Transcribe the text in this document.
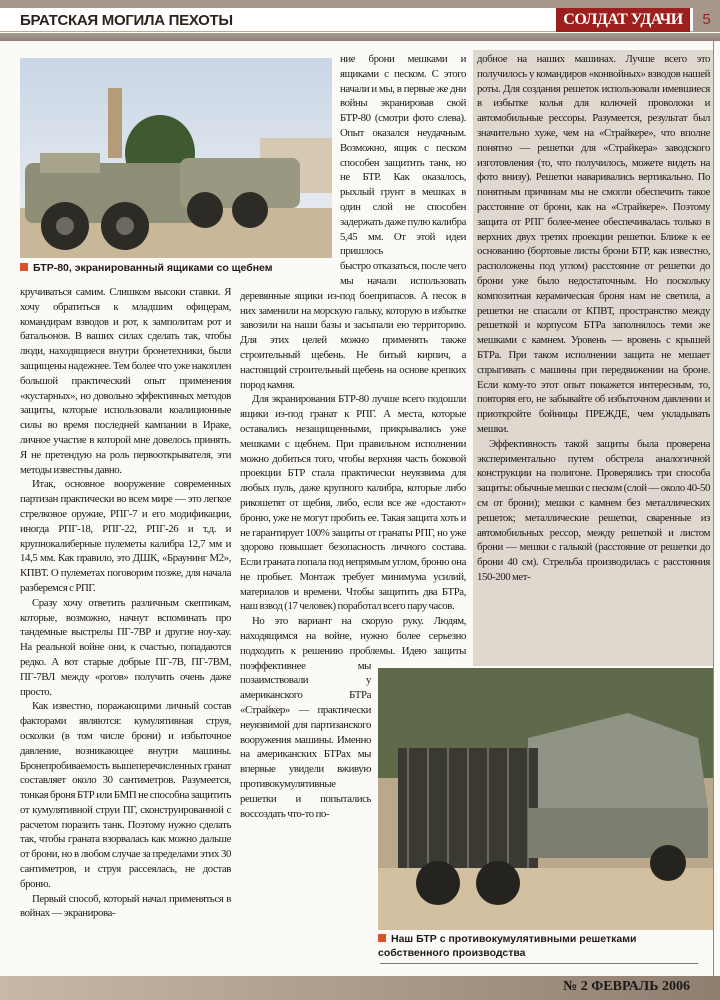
БРАТСКАЯ МОГИЛА ПЕХОТЫ	СОЛДАТ УДАЧИ	5
БТР-80, экранированный ящиками со щебнем

кручиваться самим. Слишком высоки ставки. Я хочу обратиться к младшим офицерам, командирам взводов и рот, к замполитам рот и батальонов. В ваших силах сделать так, чтобы люди, находящиеся внутри бронетехники, были защищены надежнее. Тем более что уже накоплен большой практический опыт применения «кустарных», но довольно эффективных методов защиты, которые использовали коалиционные силы во время последней кампании в Ираке, личное участие в которой мне довелось принять. Я не претендую на роль первооткрывателя, эти методы известны давно.

Итак, основное вооружение современных партизан практически во всем мире — это легкое стрелковое оружие, РПГ-7 и его модификации, иногда РПГ-18, РПГ-22, РПГ-26 и т.д. и крупнокалиберные пулеметы калибра 12,7 мм и 14,5 мм. Как правило, это ДШК, «Браунинг М2», КПВТ. О пулеметах поговорим позже, для начала разберемся с РПГ.

Сразу хочу ответить различным скептикам, которые, возможно, начнут вспоминать про тандемные выстрелы ПГ-7ВР и другие ноу-хау. На реальной войне они, к счастью, попадаются редко. А вот старые добрые ПГ-7В, ПГ-7ВМ, ПГ-7ВЛ между «рогов» получить очень даже просто.

Как известно, поражающими личный состав факторами являются: кумулятивная струя, осколки (в том числе брони) и избыточное давление, возникающее внутри машины. Бронепробиваемость вышеперечисленных гранат составляет около 30 сантиметров. Разумеется, тонкая броня БТР или БМП не способна защитить от кумулятивной струи ПГ, сконструированной с расчетом поразить танк. Поэтому нужно сделать так, чтобы граната взорвалась как можно дальше от брони, но в любом случае за пределами этих 30 сантиметров, и струя рассеялась, не достав броню.

Первый способ, который начал применяться в войнах — экранирова-

ние брони мешками и ящиками с песком. С этого начали и мы, в первые же дни войны экранировав свой БТР-80 (смотри фото слева). Опыт оказался неудачным. Возможно, ящик с песком способен защитить танк, но не БТР. Как оказалось, рыхлый грунт в мешках в один слой не способен задержать даже пулю калибра 5,45 мм. От этой идеи пришлось

быстро отказаться, после чего мы начали использовать деревянные ящики из-под боеприпасов. А песок в них заменили на морскую гальку, которую в избытке завозили на наши базы и засыпали ею территорию. Для этих целей можно применять также строительный щебень. Не битый кирпич, а настоящий строительный щебень на основе крепких пород камня.

Для экранирования БТР-80 лучше всего подошли ящики из-под гранат к РПГ. А места, которые оставались незащищенными, прикрывались уже мешками с щебнем. При правильном исполнении можно добиться того, чтобы верхняя часть боковой проекции БТР стала практически неуязвима для любых пуль, даже крупного калибра, которые либо рикошетят от щебня, либо, если все же «достают» броню, уже не могут пробить ее. Такая защита хоть и не гарантирует 100% защиты от гранаты РПГ, но уже здорово повышает безопасность личного состава. Если граната попала под непрямым углом, броню она не пробьет. Монтаж требует минимума усилий, материалов и времени. Чтобы защитить два БТРа, наш взвод (17 человек) поработал всего пару часов.

Но это вариант на скорую руку. Людям, находящимся на войне, нужно более серьезно подходить к решению проблемы. Идею защиты поэффективнее мы позаимствовали у американского БТРа «Страйкер» — практически неуязвимой для партизанского вооружения машины. Именно на американских БТРах мы впервые увидели вживую противокумулятивные решетки и попытались воссоздать что-то по-

добное на наших машинах. Лучше всего это получилось у командиров «конвойных» взводов нашей роты. Для создания решеток использовали имевшиеся в избытке колья для колючей проволоки и автомобильные рессоры. Разумеется, результат был значительно хуже, чем на «Страйкере», что вполне понятно — решетки для «Страйкера» заводского изготовления (то, что получилось, можете видеть на фото внизу). Решетки наваривались вертикально. По понятным причинам мы не смогли обеспечить такое расстояние от брони, как на «Страйкере». Поэтому защита от РПГ более-менее обеспечивалась только в верхних двух третях проекции решетки. Ближе к ее основанию (бортовые листы брони БТР, как известно, расположены под углом) расстояние от решетки до брони уже было недостаточным. Но поскольку композитная керамическая броня нам не светила, а решетки не спасали от КПВТ, пространство между решеткой и корпусом БТРа заполнялось теми же мешками с камнем. Уровень — вровень с крышей БТРа. При таком исполнении защита не мешает спрыгивать с машины при передвижении на броне. Если кому-то этот опыт покажется интересным, то, повторяя его, не забывайте об избыточном давлении и приоткройте бойницы ПРЕЖДЕ, чем укладывать мешки.

Эффективность такой защиты была проверена экспериментально путем обстрела аналогичной конструкции на полигоне. Проверялись три способа защиты: обычные мешки с песком (слой — около 40-50 см от брони); мешки с камнем без металлических решеток; металлические решетки, сваренные из автомобильных рессор, между решеткой и листом брони — мешки с галькой (расстояние от решетки до брони 40 см). Стрельба производилась с расстояния 150-200 мет-

Наш БТР с противокумулятивными решетками собственного производства
№ 2 ФЕВРАЛЬ 2006
